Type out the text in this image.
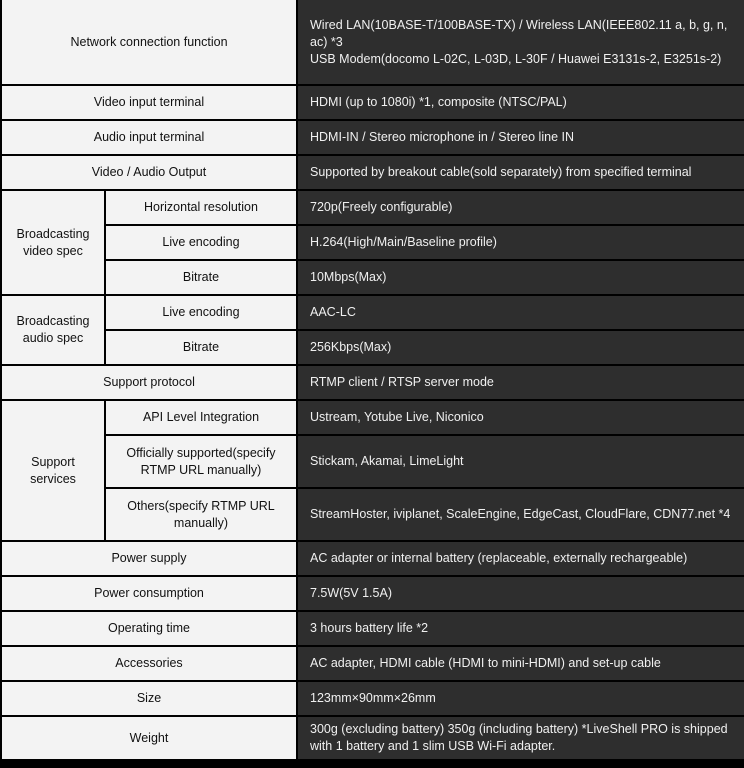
Network connection function		Wired LAN(10BASE-T/100BASE-TX) / Wireless LAN(IEEE802.11 a, b, g, n, ac) *3
USB Modem(docomo L-02C, L-03D, L-30F / Huawei E3131s-2, E3251s-2)
Video input terminal		HDMI (up to 1080i) *1, composite (NTSC/PAL)
Audio input terminal		HDMI-IN / Stereo microphone in / Stereo line IN
Video / Audio Output		Supported by breakout cable(sold separately) from specified terminal
Broadcasting video spec	Horizontal resolution	720p(Freely configurable)
	Live encoding	H.264(High/Main/Baseline profile)
	Bitrate	10Mbps(Max)
Broadcasting audio spec	Live encoding	AAC-LC
	Bitrate	256Kbps(Max)
Support protocol		RTMP client / RTSP server mode
Support services	API Level Integration	Ustream, Yotube Live, Niconico
	Officially supported(specify RTMP URL manually)	Stickam, Akamai, LimeLight
	Others(specify RTMP URL manually)	StreamHoster, iviplanet, ScaleEngine, EdgeCast, CloudFlare, CDN77.net *4
Power supply		AC adapter or internal battery (replaceable, externally rechargeable)
Power consumption		7.5W(5V 1.5A)
Operating time		3 hours battery life *2
Accessories		AC adapter, HDMI cable (HDMI to mini-HDMI) and set-up cable
Size		123mm×90mm×26mm
Weight		300g (excluding battery) 350g (including battery) *LiveShell PRO is shipped with 1 battery and 1 slim USB Wi-Fi adapter.
